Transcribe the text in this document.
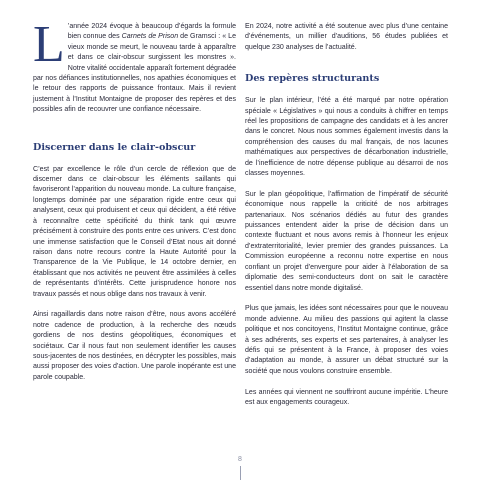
L ’année 2024 évoque à beaucoup d’égards la formule bien connue des Carnets de Prison de Gramsci : « Le vieux monde se meurt, le nouveau tarde à apparaître et dans ce clair-obscur surgissent les monstres ». Notre vitalité occidentale apparaît fortement dégradée par nos défiances institutionnelles, nos apathies économiques et le retour des rapports de puissance frontaux. Mais il revient justement à l’Institut Montaigne de proposer des repères et des possibles afin de recouvrer une confiance nécessaire.

Discerner dans le clair-obscur

C’est par excellence le rôle d’un cercle de réflexion que de discerner dans ce clair-obscur les éléments saillants qui favoriseront l’apparition du nouveau monde. La culture française, longtemps dominée par une séparation rigide entre ceux qui analysent, ceux qui produisent et ceux qui décident, a été rétive à reconnaître cette spécificité du think tank qui œuvre précisément à construire des ponts entre ces univers. C’est donc une immense satisfaction que le Conseil d’Etat nous ait donné raison dans notre recours contre la Haute Autorité pour la Transparence de la Vie Publique, le 14 octobre dernier, en établissant que nos activités ne peuvent être assimilées à celles de représentants d’intérêts. Cette jurisprudence honore nos travaux passés et nous oblige dans nos travaux à venir.

Ainsi ragaillardis dans notre raison d’être, nous avons accéléré notre cadence de production, à la recherche des nœuds gordiens de nos destins géopolitiques, économiques et sociétaux. Car il nous faut non seulement identifier les causes sous-jacentes de nos destinées, en décrypter les possibles, mais aussi proposer des voies d’action. Une parole inopérante est une parole coupable.

En 2024, notre activité a été soutenue avec plus d’une centaine d’événements, un millier d’auditions, 56 études publiées et quelque 230 analyses de l’actualité.

Des repères structurants

Sur le plan intérieur, l’été a été marqué par notre opération spéciale « Législatives » qui nous a conduits à chiffrer en temps réel les propositions de campagne des candidats et à les ancrer dans le concret. Nous nous sommes également investis dans la compréhension des causes du mal français, de nos lacunes mathématiques aux perspectives de décarbonation industrielle, de l’inefficience de notre dépense publique au désarroi de nos classes moyennes.

Sur le plan géopolitique, l’affirmation de l’impératif de sécurité économique nous rappelle la criticité de nos arbitrages partenariaux. Nos scénarios dédiés au futur des grandes puissances entendent aider la prise de décision dans un contexte fluctuant et nous avons remis à l’honneur les enjeux d’extraterritorialité, levier premier des grandes puissances. La Commission européenne a reconnu notre expertise en nous confiant un projet d’envergure pour aider à l’élaboration de sa diplomatie des semi-conducteurs dont on sait le caractère essentiel dans notre monde digitalisé.

Plus que jamais, les idées sont nécessaires pour que le nouveau monde advienne. Au milieu des passions qui agitent la classe politique et nos concitoyens, l’Institut Montaigne continue, grâce à ses adhérents, ses experts et ses partenaires, à analyser les défis qui se présentent à la France, à proposer des voies d’adaptation au monde, à assurer un débat structuré sur la société que nous voulons construire ensemble.

Les années qui viennent ne souffriront aucune impéritie. L’heure est aux engagements courageux.

8
